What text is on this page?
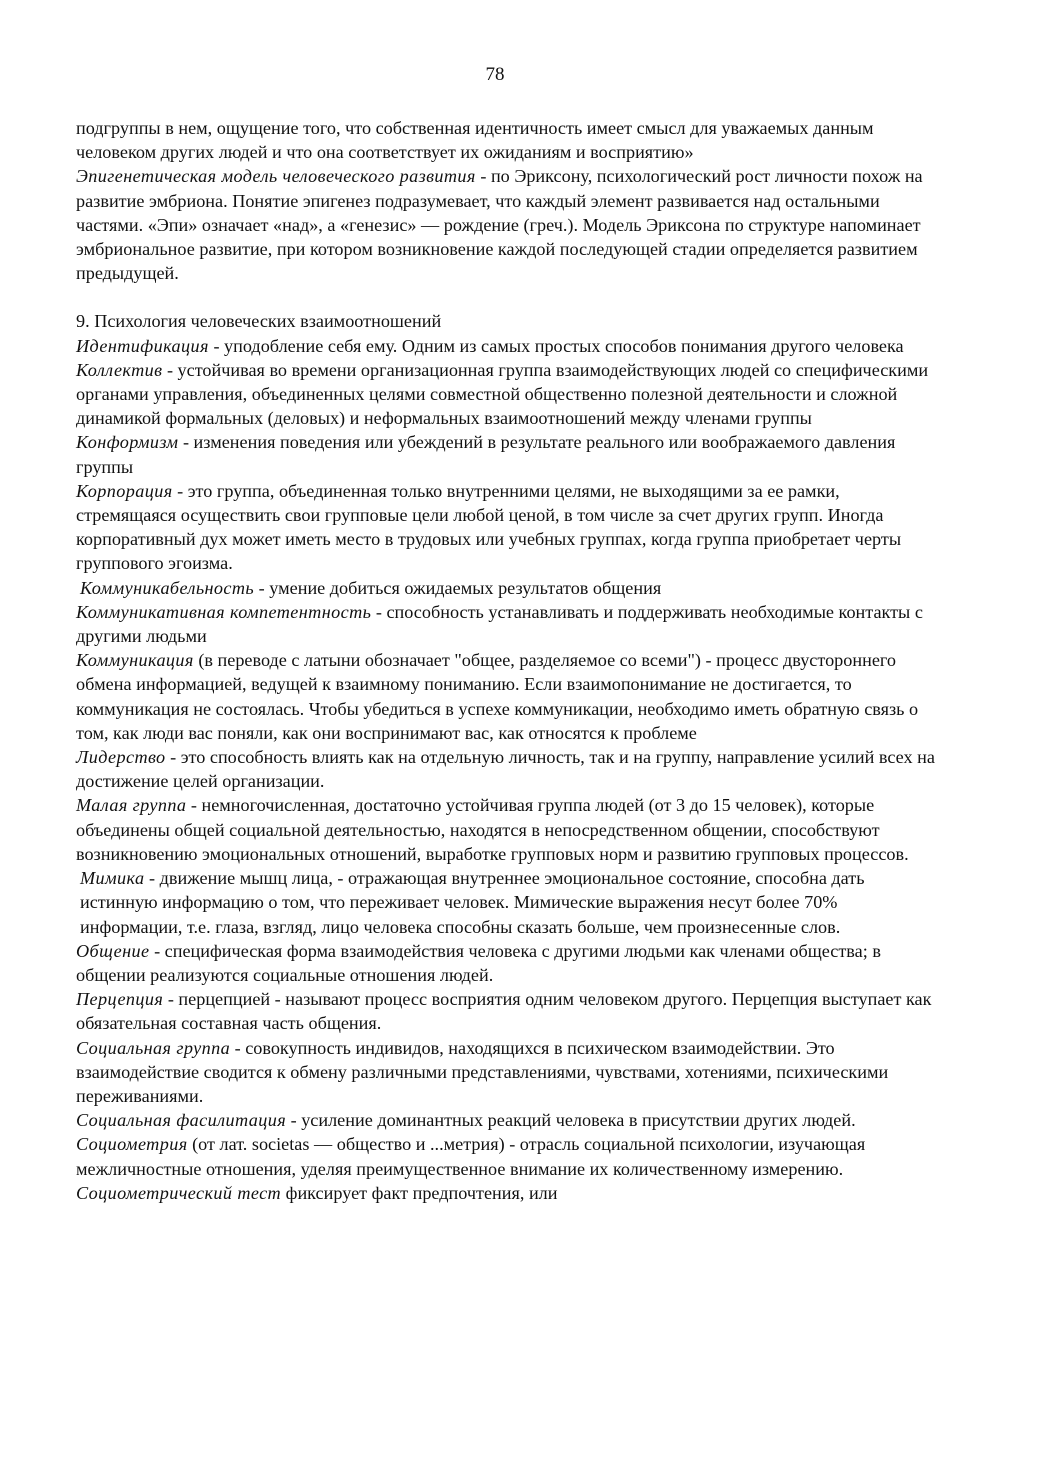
78

подгруппы в нем, ощущение того, что собственная идентичность имеет смысл для уважаемых данным человеком других людей и что она соответствует их ожиданиям и восприятию»

Эпигенетическая модель человеческого развития - по Эриксону, психологический рост личности похож на развитие эмбриона. Понятие эпигенез подразумевает, что каждый элемент развивается над остальными частями. «Эпи» означает «над», а «генезис» — рождение (греч.). Модель Эриксона по структуре напоминает эмбриональное развитие, при котором возникновение каждой последующей стадии определяется развитием предыдущей.

9. Психология человеческих взаимоотношений

Идентификация - уподобление себя ему. Одним из самых простых способов понимания другого человека

Коллектив - устойчивая во времени организационная группа взаимодействующих людей со специфическими органами управления, объединенных целями совместной общественно полезной деятельности и сложной динамикой формальных (деловых) и неформальных взаимоотношений между членами группы

Конформизм - изменения поведения или убеждений в результате реального или воображаемого давления группы

Корпорация - это группа, объединенная только внутренними целями, не выходящими за ее рамки, стремящаяся осуществить свои групповые цели любой ценой, в том числе за счет других групп. Иногда корпоративный дух может иметь место в трудовых или учебных группах, когда группа приобретает черты группового эгоизма.

Коммуникабельность - умение добиться ожидаемых результатов общения

Коммуникативная компетентность - способность устанавливать и поддерживать необходимые контакты с другими людьми

Коммуникация (в переводе с латыни обозначает "общее, разделяемое со всеми") - процесс двустороннего обмена информацией, ведущей к взаимному пониманию. Если взаимопонимание не достигается, то коммуникация не состоялась. Чтобы убедиться в успехе коммуникации, необходимо иметь обратную связь о том, как люди вас поняли, как они воспринимают вас, как относятся к проблеме

Лидерство - это способность влиять как на отдельную личность, так и на группу, направление усилий всех на достижение целей организации.

Малая группа - немногочисленная, достаточно устойчивая группа людей (от 3 до 15 человек), которые объединены общей социальной деятельностью, находятся в непосредственном общении, способствуют возникновению эмоциональных отношений, выработке групповых норм и развитию групповых процессов.

Мимика - движение мышц лица, - отражающая внутреннее эмоциональное состояние, способна дать истинную информацию о том, что переживает человек. Мимические выражения несут более 70% информации, т.е. глаза, взгляд, лицо человека способны сказать больше, чем произнесенные слов.

Общение - специфическая форма взаимодействия человека с другими людьми как членами общества; в общении реализуются социальные отношения людей.

Перцепция - перцепцией - называют процесс восприятия одним человеком другого. Перцепция выступает как обязательная составная часть общения.

Социальная группа - совокупность индивидов, находящихся в психическом взаимодействии. Это взаимодействие сводится к обмену различными представлениями, чувствами, хотениями, психическими переживаниями.

Социальная фасилитация - усиление доминантных реакций человека в присутствии других людей.

Социометрия (от лат. societas — общество и ...метрия) - отрасль социальной психологии, изучающая межличностные отношения, уделяя преимущественное внимание их количественному измерению. Социометрический тест фиксирует факт предпочтения, или
